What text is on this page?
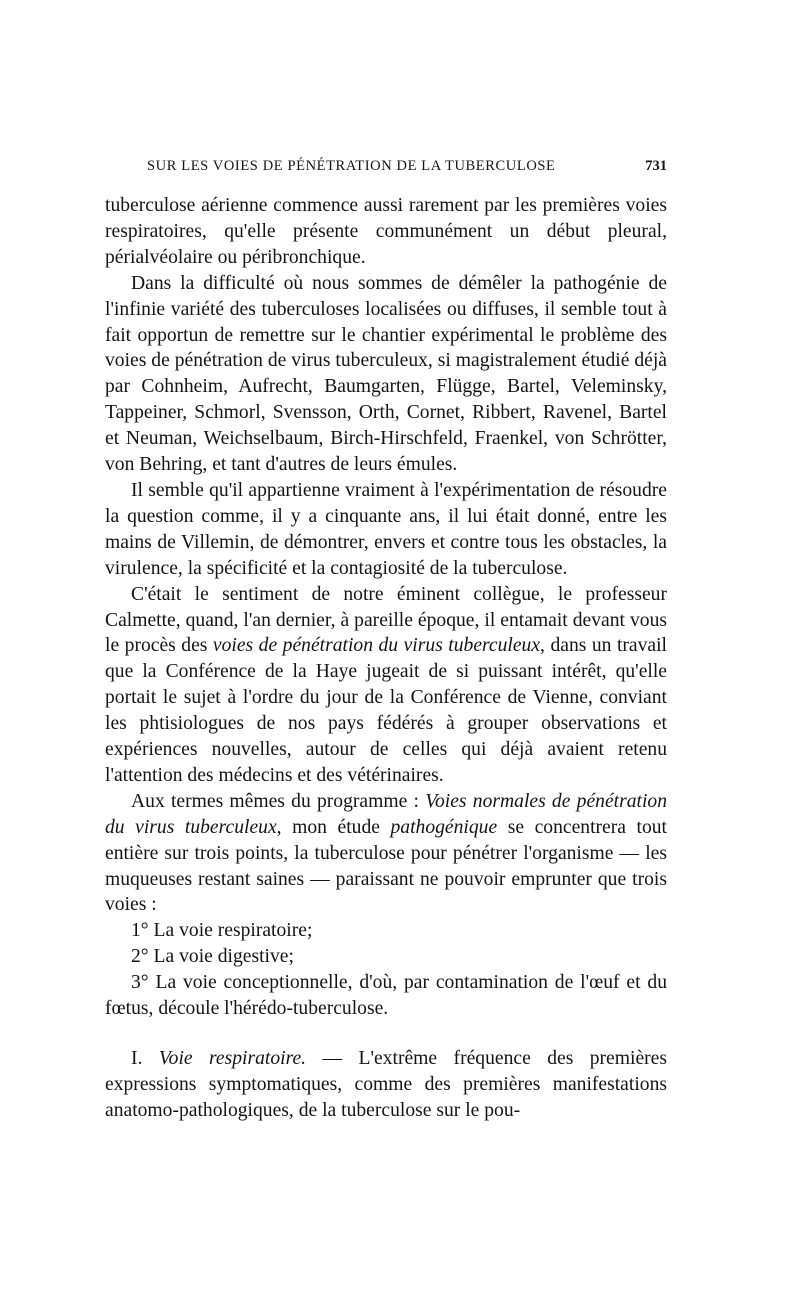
SUR LES VOIES DE PÉNÉTRATION DE LA TUBERCULOSE	731

tuberculose aérienne commence aussi rarement par les premières voies respiratoires, qu'elle présente communément un début pleural, périalvéolaire ou péribronchique.

Dans la difficulté où nous sommes de démêler la pathogénie de l'infinie variété des tuberculoses localisées ou diffuses, il semble tout à fait opportun de remettre sur le chantier expérimental le problème des voies de pénétration de virus tuberculeux, si magistralement étudié déjà par Cohnheim, Aufrecht, Baumgarten, Flügge, Bartel, Veleminsky, Tappeiner, Schmorl, Svensson, Orth, Cornet, Ribbert, Ravenel, Bartel et Neuman, Weichselbaum, Birch-Hirschfeld, Fraenkel, von Schrötter, von Behring, et tant d'autres de leurs émules.

Il semble qu'il appartienne vraiment à l'expérimentation de résoudre la question comme, il y a cinquante ans, il lui était donné, entre les mains de Villemin, de démontrer, envers et contre tous les obstacles, la virulence, la spécificité et la contagiosité de la tuberculose.

C'était le sentiment de notre éminent collègue, le professeur Calmette, quand, l'an dernier, à pareille époque, il entamait devant vous le procès des voies de pénétration du virus tuberculeux, dans un travail que la Conférence de la Haye jugeait de si puissant intérêt, qu'elle portait le sujet à l'ordre du jour de la Conférence de Vienne, conviant les phtisiologues de nos pays fédérés à grouper observations et expériences nouvelles, autour de celles qui déjà avaient retenu l'attention des médecins et des vétérinaires.

Aux termes mêmes du programme : Voies normales de pénétration du virus tuberculeux, mon étude pathogénique se concentrera tout entière sur trois points, la tuberculose pour pénétrer l'organisme — les muqueuses restant saines — paraissant ne pouvoir emprunter que trois voies :

1° La voie respiratoire;

2° La voie digestive;

3° La voie conceptionnelle, d'où, par contamination de l'œuf et du fœtus, découle l'hérédo-tuberculose.

I. Voie respiratoire. — L'extrême fréquence des premières expressions symptomatiques, comme des premières manifestations anatomo-pathologiques, de la tuberculose sur le pou-
